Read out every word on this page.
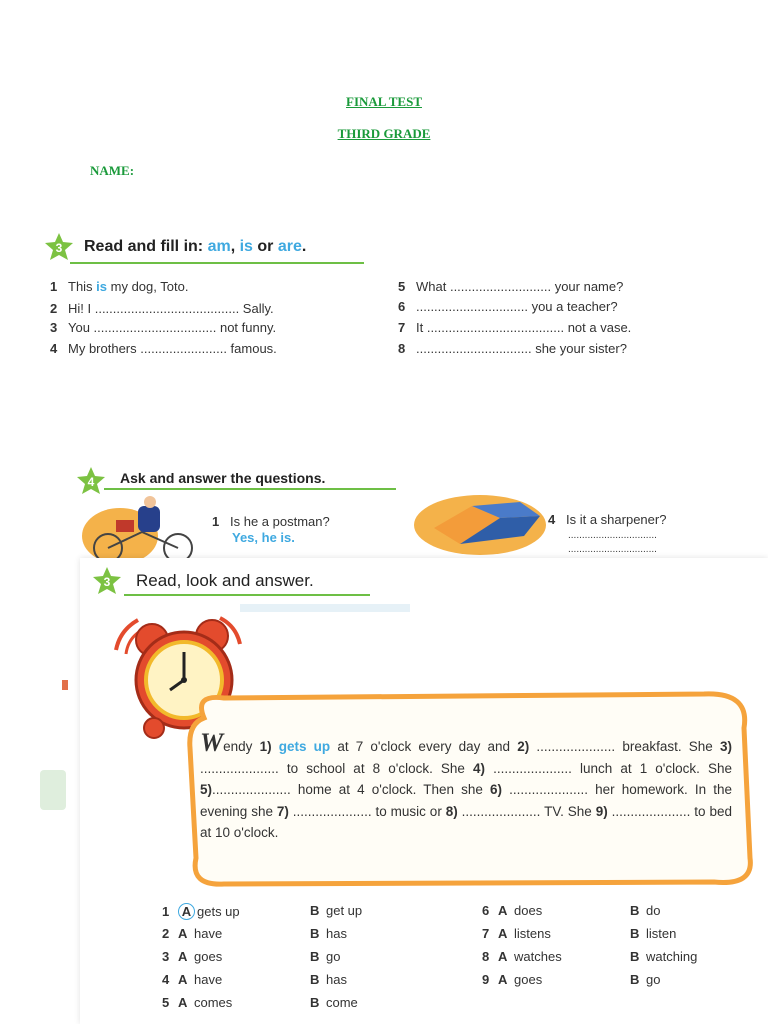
FINAL TEST
THIRD GRADE
NAME:
3 Read and fill in: am, is or are.
1 This is my dog, Toto.
2 Hi! I ........................................ Sally.
3 You .................................. not funny.
4 My brothers ........................ famous.
5 What ............................ your name?
6 ............................... you a teacher?
7 It ...................................... not a vase.
8 ................................ she your sister?
4 Ask and answer the questions.
1 Is he a postman?
Yes, he is.
4 Is it a sharpener?
................................
................................
3 Read, look and answer.
Wendy 1) gets up at 7 o'clock every day and 2) ..................... breakfast. She 3) ..................... to school at 8 o'clock. She 4) ..................... lunch at 1 o'clock. She 5)..................... home at 4 o'clock. Then she 6) ..................... her homework. In the evening she 7) ..................... to music or 8) ..................... TV. She 9) ..................... to bed at 10 o'clock.
1 A gets up	B get up
2 A have	B has
3 A goes	B go
4 A have	B has
5 A comes	B come
6 A does	B do
7 A listens	B listen
8 A watches	B watching
9 A goes	B go
